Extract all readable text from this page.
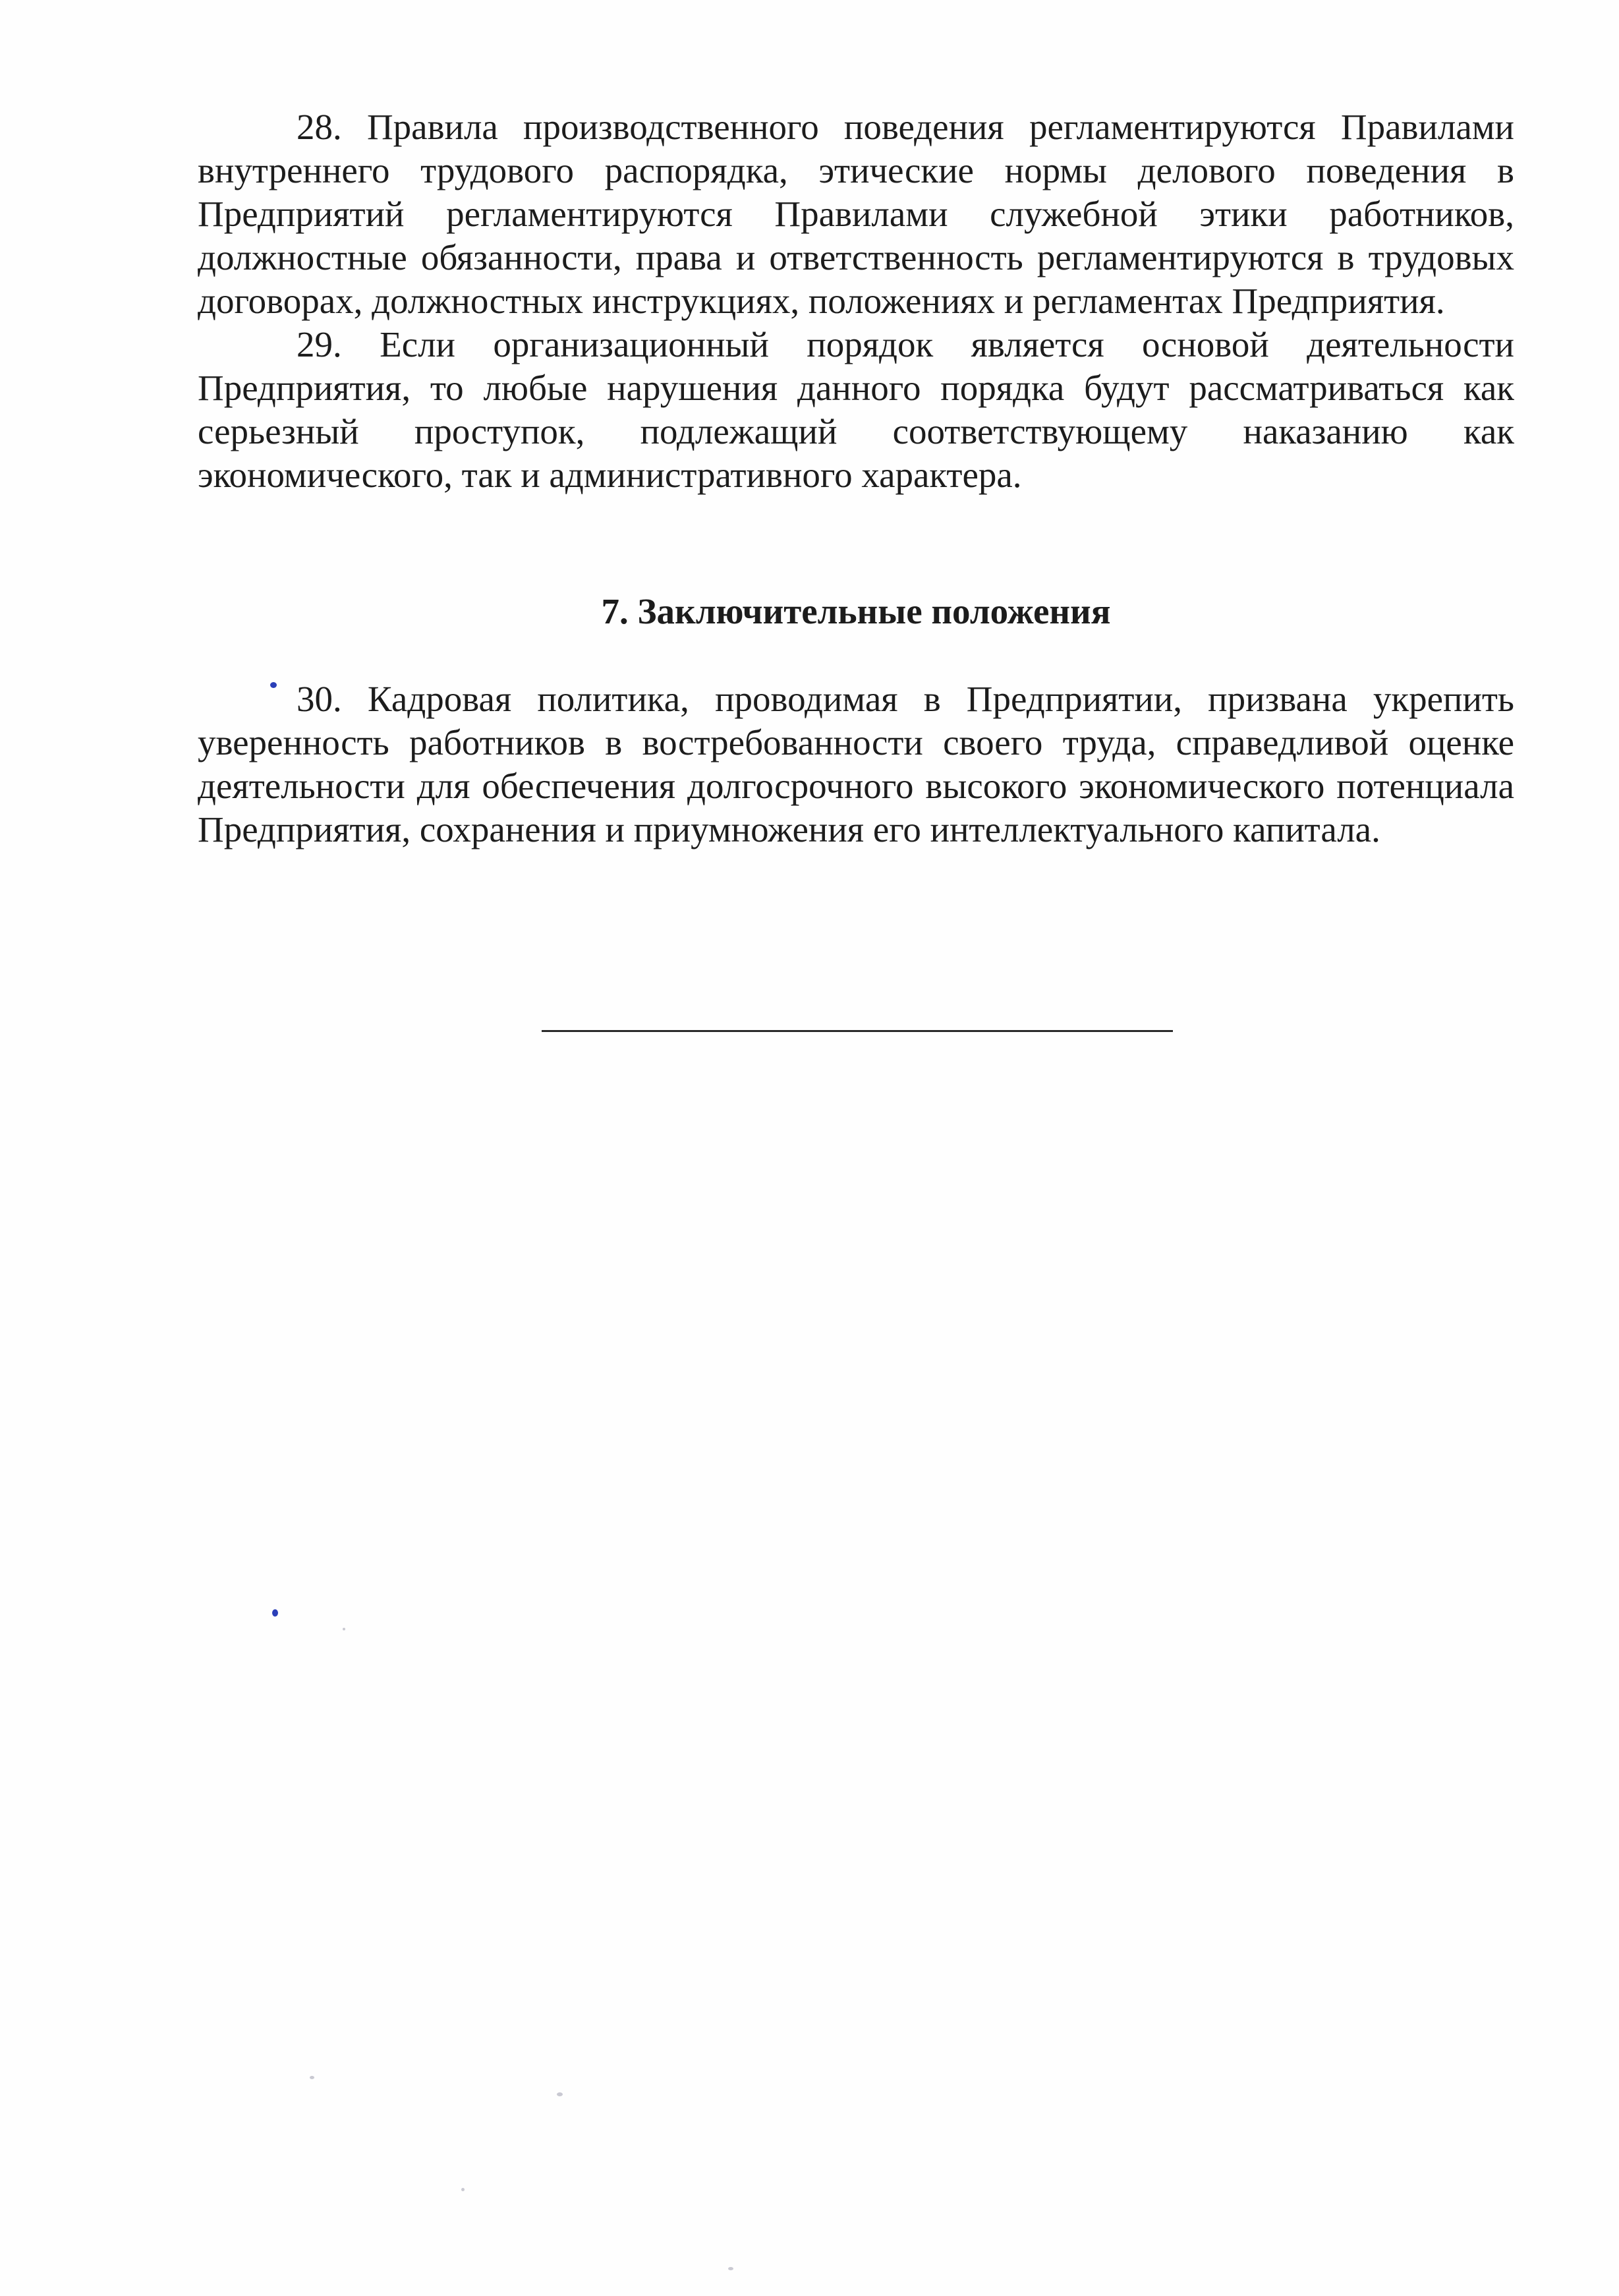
28. Правила производственного поведения регламентируются Правилами внутреннего трудового распорядка, этические нормы делового поведения в Предприятий регламентируются Правилами служебной этики работников, должностные обязанности, права и ответственность регламентируются в трудовых договорах, должностных инструкциях, положениях и регламентах Предприятия.

29. Если организационный порядок является основой деятельности Предприятия, то любые нарушения данного порядка будут рассматриваться как серьезный проступок, подлежащий соответствующему наказанию как экономического, так и административного характера.

7. Заключительные положения

30. Кадровая политика, проводимая в Предприятии, призвана укрепить уверенность работников в востребованности своего труда, справедливой оценке деятельности для обеспечения долгосрочного высокого экономического потенциала Предприятия, сохранения и приумножения его интеллектуального капитала.
